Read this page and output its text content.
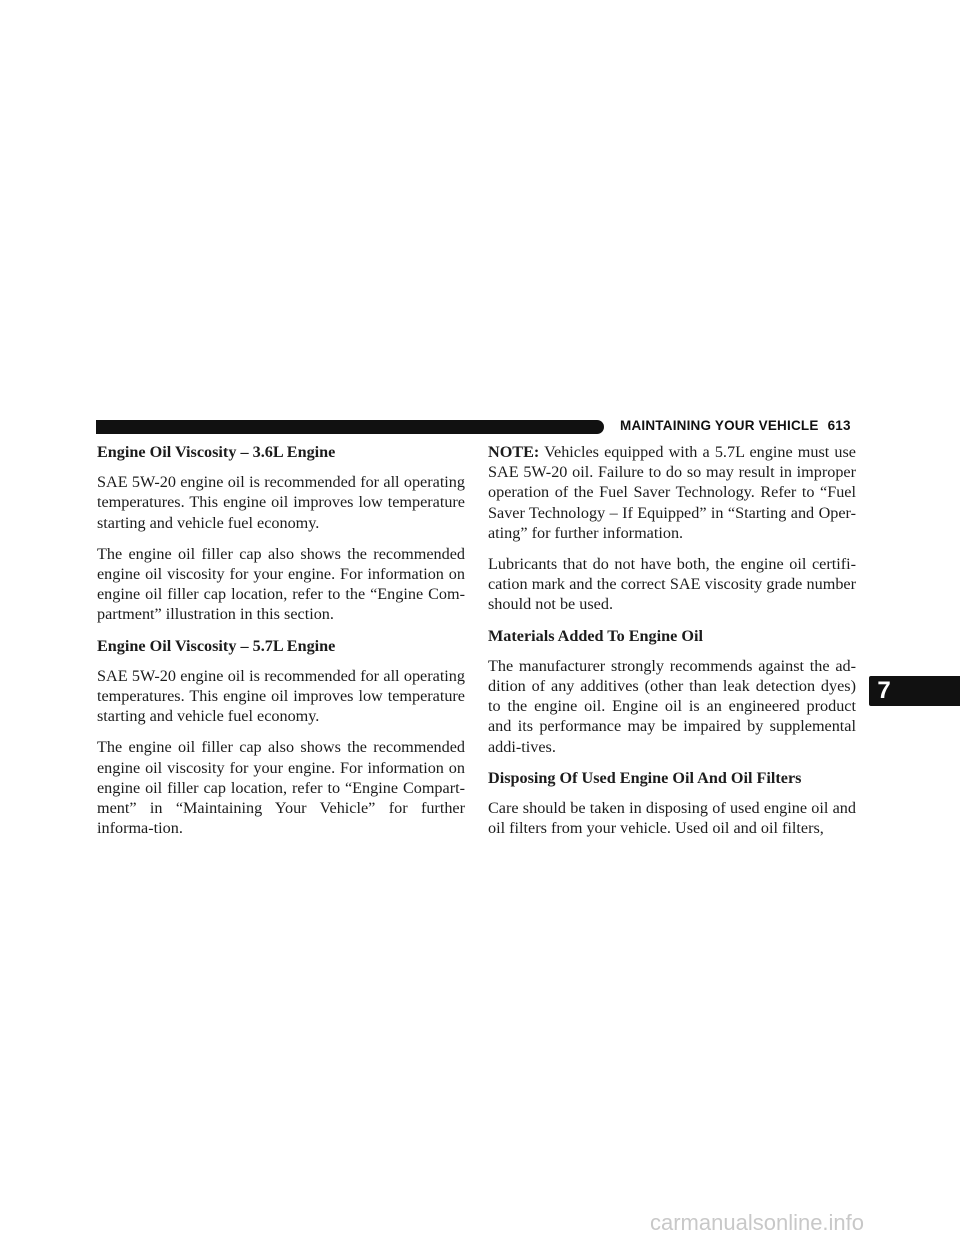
MAINTAINING YOUR VEHICLE 613
Engine Oil Viscosity – 3.6L Engine

SAE 5W-20 engine oil is recommended for all operating temperatures. This engine oil improves low temperature starting and vehicle fuel economy.

The engine oil filler cap also shows the recommended engine oil viscosity for your engine. For information on engine oil filler cap location, refer to the “Engine Com-partment” illustration in this section.

Engine Oil Viscosity – 5.7L Engine

SAE 5W-20 engine oil is recommended for all operating temperatures. This engine oil improves low temperature starting and vehicle fuel economy.

The engine oil filler cap also shows the recommended engine oil viscosity for your engine. For information on engine oil filler cap location, refer to “Engine Compart-ment” in “Maintaining Your Vehicle” for further informa-tion.

NOTE: Vehicles equipped with a 5.7L engine must use SAE 5W-20 oil. Failure to do so may result in improper operation of the Fuel Saver Technology. Refer to “Fuel Saver Technology – If Equipped” in “Starting and Oper-ating” for further information.

Lubricants that do not have both, the engine oil certifi-cation mark and the correct SAE viscosity grade number should not be used.

Materials Added To Engine Oil

The manufacturer strongly recommends against the ad-dition of any additives (other than leak detection dyes) to the engine oil. Engine oil is an engineered product and its performance may be impaired by supplemental addi-tives.

Disposing Of Used Engine Oil And Oil Filters

Care should be taken in disposing of used engine oil and oil filters from your vehicle. Used oil and oil filters,

7
carmanualsonline.info
